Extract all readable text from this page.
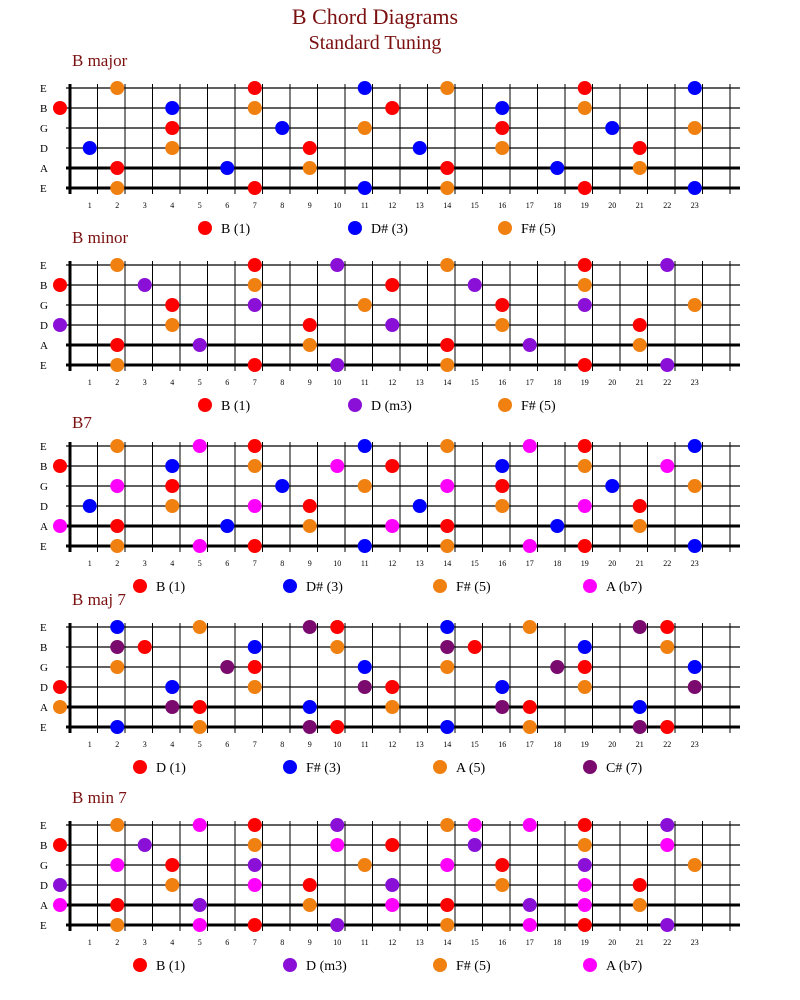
B Chord Diagrams
Standard Tuning
B major
E
B
G
D
A
E
1	2	3	4	5	6	7	8	9	10 11 12 13 14 15 16 17 18 19 20 21 22 23
B (1)	D# (3)	F# (5)
B minor
E
B
G
D
A
E
1	2	3	4	5	6	7	8	9	10 11 12 13 14 15 16 17 18 19 20 21 22 23
B (1)	D (m3)	F# (5)
B7
E
B
G
D
A
E
1	2	3	4	5	6	7	8	9	10 11 12 13 14 15 16 17 18 19 20 21 22 23
B (1)	D# (3)	F# (5)	A (b7)
B maj 7
E
B
G
D
A
E
1	2	3	4	5	6	7	8	9	10 11 12 13 14 15 16 17 18 19 20 21 22 23
D (1)	F# (3)	A (5)	C# (7)
B min 7
E
B
G
D
A
E
1	2	3	4	5	6	7	8	9	10 11 12 13 14 15 16 17 18 19 20 21 22 23
B (1)	D (m3)	F# (5)	A (b7)
